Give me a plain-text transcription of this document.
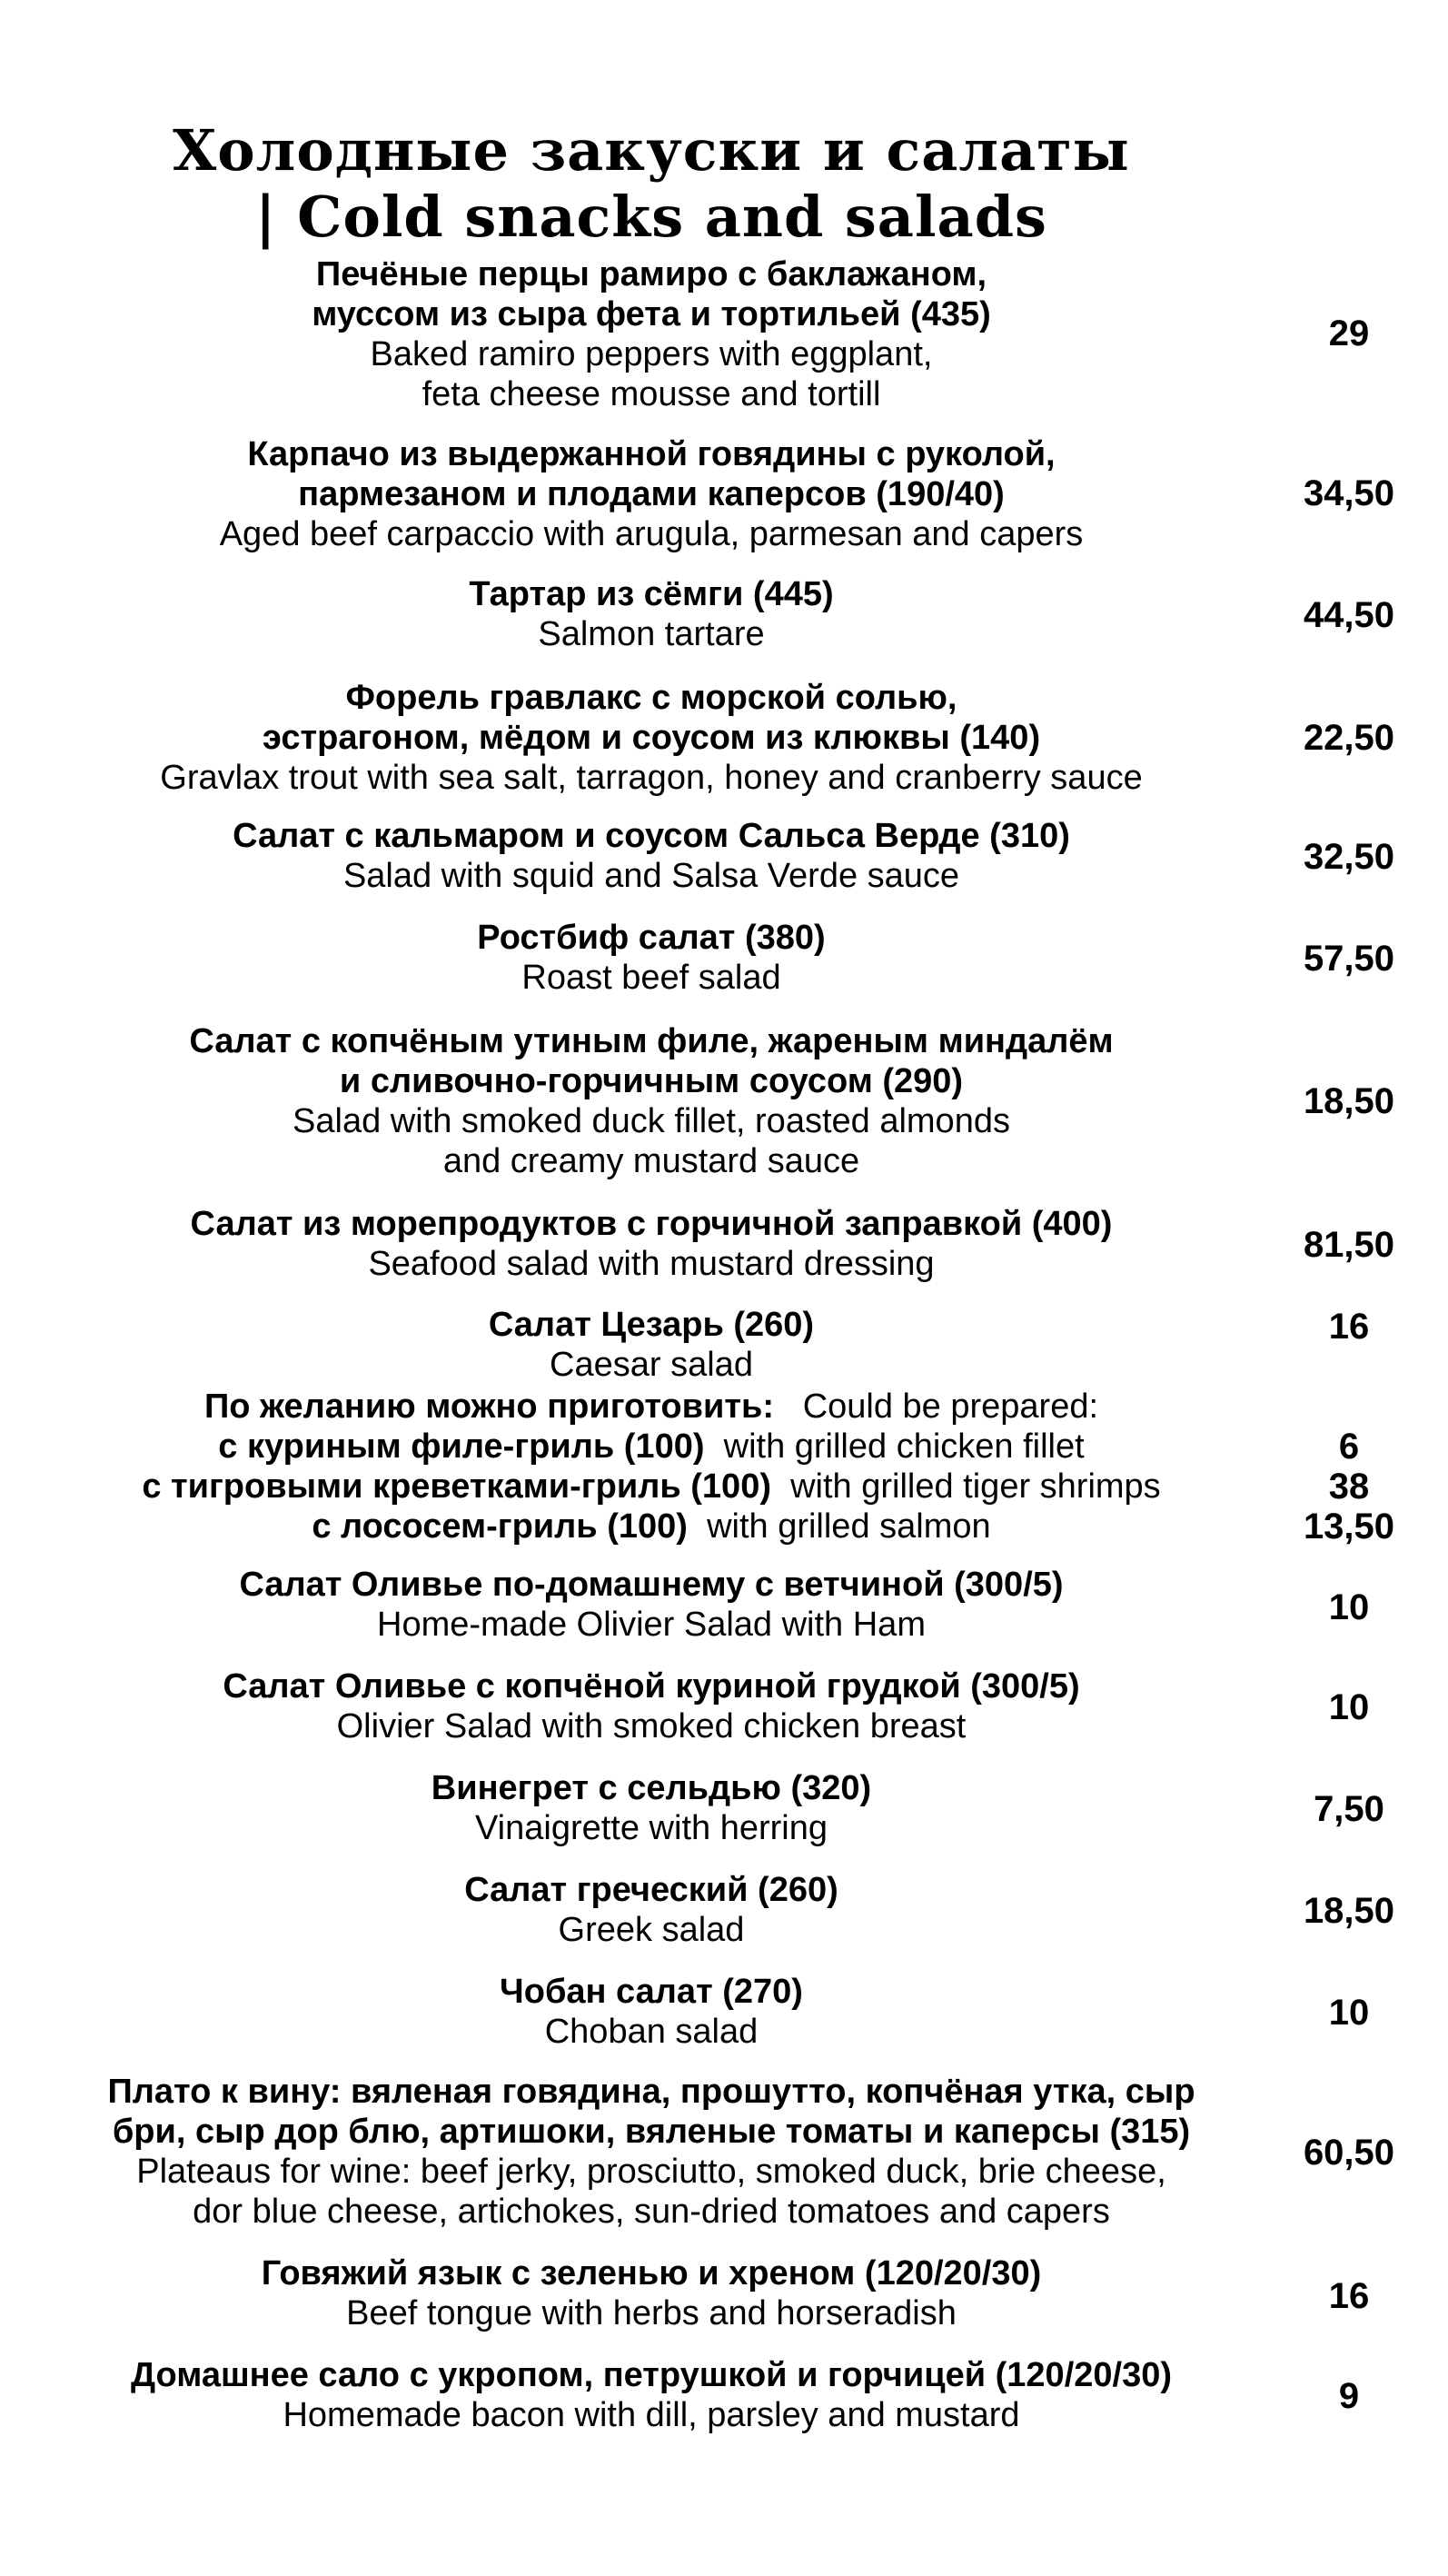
Холодные закуски и салаты
| Cold snacks and salads
Печёные перцы рамиро с баклажаном,
муссом из сыра фета и тортильей (435)
Baked ramiro peppers with eggplant,
feta cheese mousse and tortill
29
Карпачо из выдержанной говядины с руколой,
пармезаном и плодами каперсов (190/40)
Aged beef carpaccio with arugula, parmesan and capers
34,50
Тартар из сёмги (445)
Salmon tartare	44,50
Форель гравлакс с морской солью,
эстрагоном, мёдом и соусом из клюквы (140)
Gravlax trout with sea salt, tarragon, honey and cranberry sauce
22,50
Салат с кальмаром и соусом Сальса Верде (310)
Salad with squid and Salsa Verde sauce	32,50
Ростбиф салат (380)
Roast beef salad	57,50
Салат с копчёным утиным филе, жареным миндалём
и сливочно-горчичным соусом (290)
Salad with smoked duck fillet, roasted almonds
and creamy mustard sauce
18,50
Салат из морепродуктов с горчичной заправкой (400)
Seafood salad with mustard dressing	81,50
Салат Цезарь (260)
Caesar salad
16
Салат Оливье по-домашнему с ветчиной (300/5)
Home-made Olivier Salad with Ham	10
Салат Оливье с копчёной куриной грудкой (300/5)
Olivier Salad with smoked chicken breast	10
Винегрет с сельдью (320)
Vinaigrette with herring	7,50
Салат греческий (260)
Greek salad	18,50
Чобан салат (270)
Choban salad	10
Плато к вину: вяленая говядина, прошутто, копчёная утка, сыр
бри, сыр дор блю, артишоки, вяленые томаты и каперсы (315)
Plateaus for wine: beef jerky, prosciutto, smoked duck, brie cheese,
dor blue cheese, artichokes, sun-dried tomatoes and capers
60,50
Говяжий язык с зеленью и хреном (120/20/30)
Beef tongue with herbs and horseradish	16
Домашнее сало с укропом, петрушкой и горчицей (120/20/30)
Homemade bacon with dill, parsley and mustard	9
По желанию можно приготовить: Could be prepared:
с куриным филе-гриль (100) with grilled chicken fillet	6
с тигровыми креветками-гриль (100) with grilled tiger shrimps	38
с лососем-гриль (100) with grilled salmon	13,50
